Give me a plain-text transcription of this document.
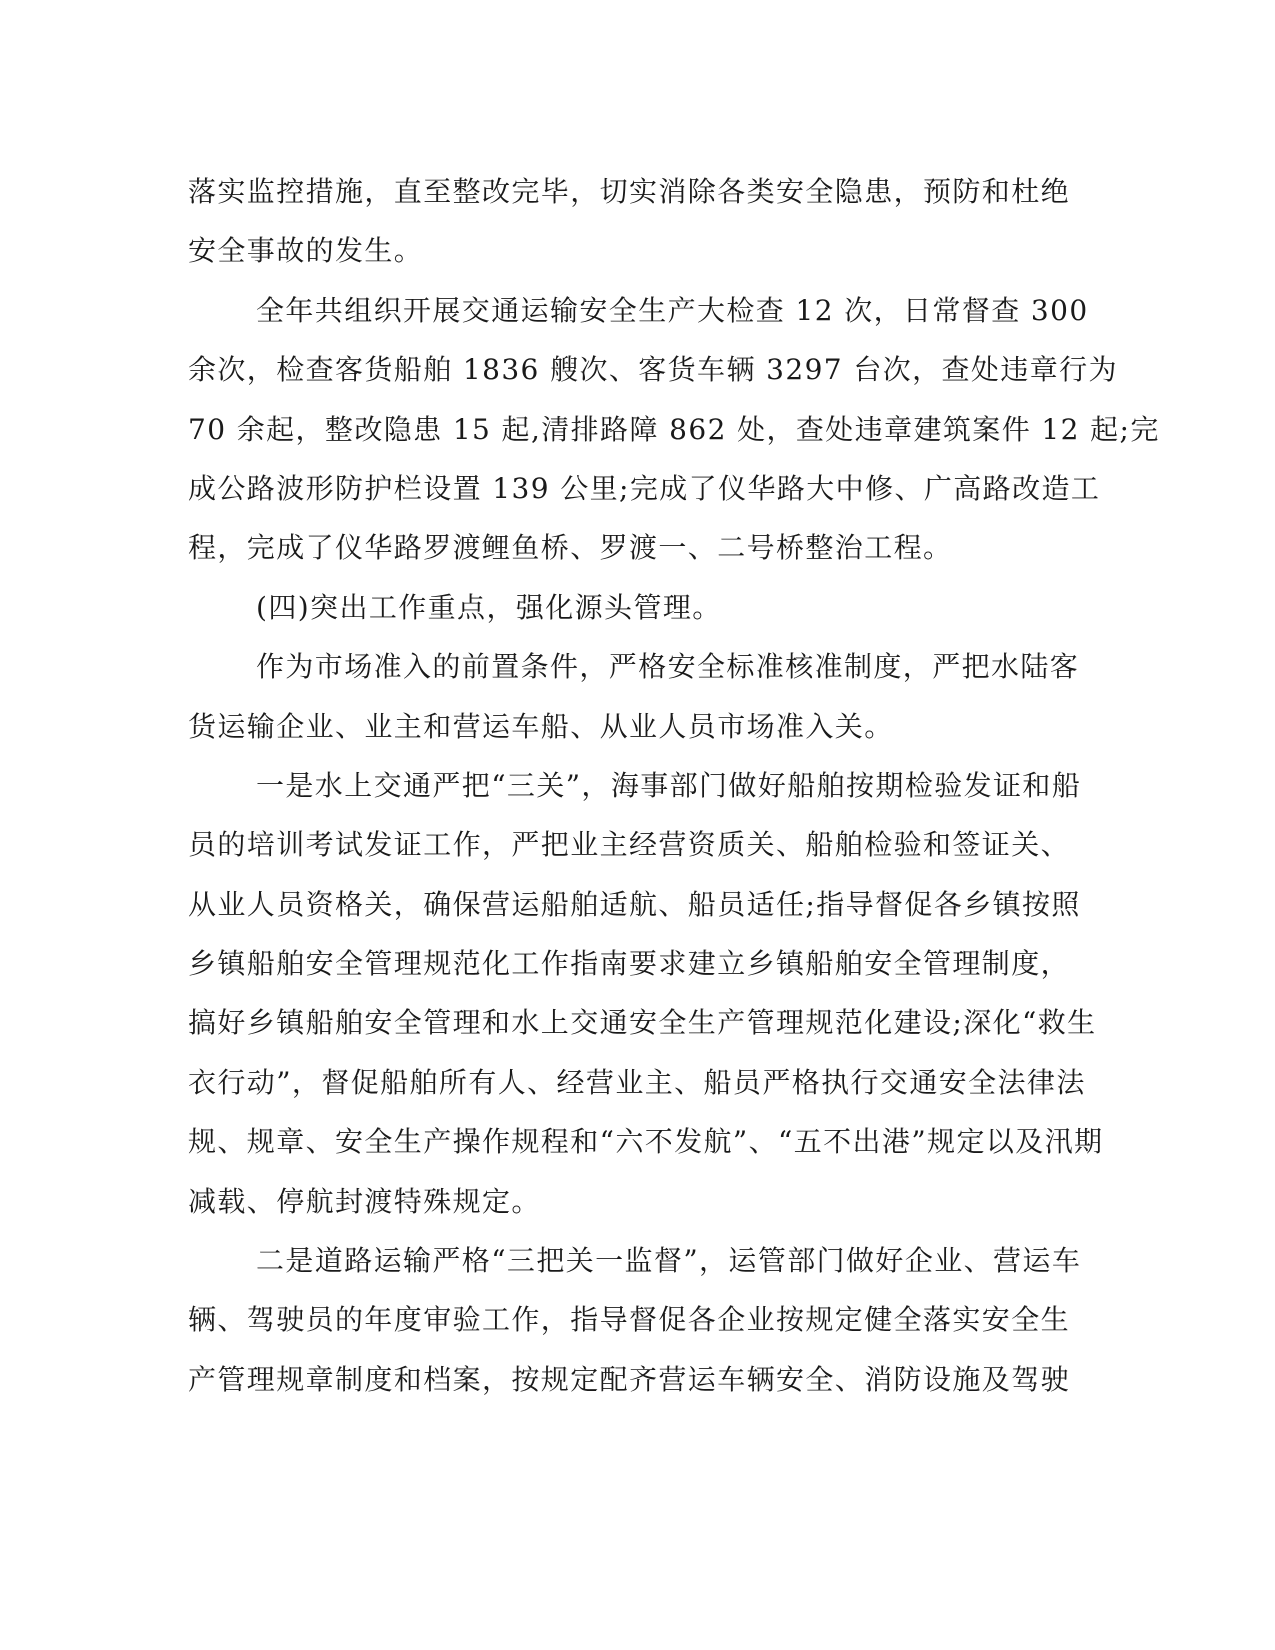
落实监控措施，直至整改完毕，切实消除各类安全隐患，预防和杜绝
安全事故的发生。
全年共组织开展交通运输安全生产大检查 12 次，日常督查 300
余次，检查客货船舶 1836 艘次、客货车辆 3297 台次，查处违章行为
70 余起，整改隐患 15 起,清排路障 862 处，查处违章建筑案件 12 起;完
成公路波形防护栏设置 139 公里;完成了仪华路大中修、广高路改造工
程，完成了仪华路罗渡鲤鱼桥、罗渡一、二号桥整治工程。
(四)突出工作重点，强化源头管理。
作为市场准入的前置条件，严格安全标准核准制度，严把水陆客
货运输企业、业主和营运车船、从业人员市场准入关。
一是水上交通严把“三关”，海事部门做好船舶按期检验发证和船
员的培训考试发证工作，严把业主经营资质关、船舶检验和签证关、
从业人员资格关，确保营运船舶适航、船员适任;指导督促各乡镇按照
乡镇船舶安全管理规范化工作指南要求建立乡镇船舶安全管理制度，
搞好乡镇船舶安全管理和水上交通安全生产管理规范化建设;深化“救生
衣行动”，督促船舶所有人、经营业主、船员严格执行交通安全法律法
规、规章、安全生产操作规程和“六不发航”、“五不出港”规定以及汛期
减载、停航封渡特殊规定。
二是道路运输严格“三把关一监督”，运管部门做好企业、营运车
辆、驾驶员的年度审验工作，指导督促各企业按规定健全落实安全生
产管理规章制度和档案，按规定配齐营运车辆安全、消防设施及驾驶
